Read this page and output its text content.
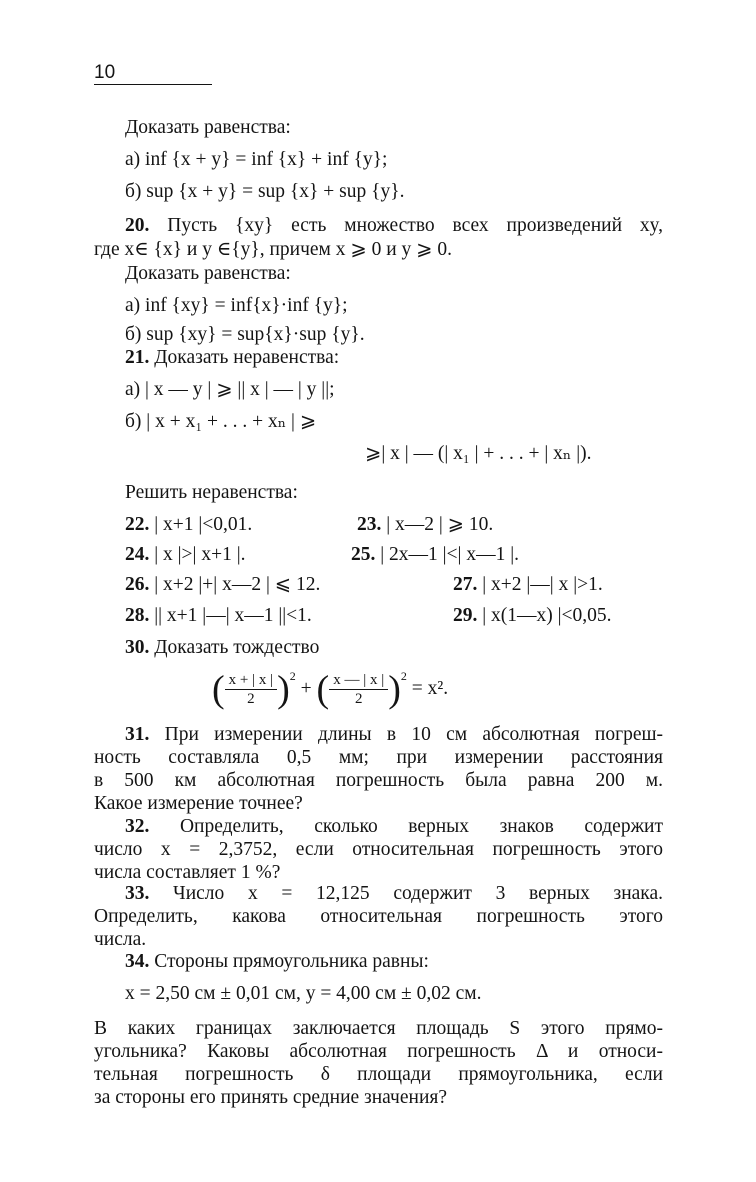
10
Доказать равенства:
а) inf {x + y} = inf {x} + inf {y};
б) sup {x + y} = sup {x} + sup {y}.
20. Пусть {xy} есть множество всех произведений xy,
где x∈ {x} и y ∈{y}, причем x ⩾ 0 и y ⩾ 0.
Доказать равенства:
а) inf {xy} = inf{x}·inf {y};
б) sup {xy} = sup{x}·sup {y}.
21. Доказать неравенства:
а) | x — y | ⩾ || x | — | y ||;
б) | x + x₁ + . . . + xₙ | ⩾
⩾| x | — (| x₁ | + . . . + | xₙ |).
Решить неравенства:
22. | x+1 |<0,01.	23. | x—2 | ⩾ 10.
24. | x |>| x+1 |.	25. | 2x—1 |<| x—1 |.
26. | x+2 |+| x—2 | ⩽ 12.	27. | x+2 |—| x |>1.
28. || x+1 |—| x—1 ||<1.	29. | x(1—x) |<0,05.
30. Доказать тождество
( $\frac{x + | x |}{2} )^2$ + ( $\frac{x — | x |}{2} )^2 = x^2$.
31. При измерении длины в 10 см абсолютная погреш-
ность составляла 0,5 мм; при измерении расстояния
в 500 км абсолютная погрешность была равна 200 м.
Какое измерение точнее?
32. Определить, сколько верных знаков содержит
число x = 2,3752, если относительная погрешность этого
числа составляет 1 %?
33. Число x = 12,125 содержит 3 верных знака.
Определить, какова относительная погрешность этого
числа.
34. Стороны прямоугольника равны:
x = 2,50 см ± 0,01 см, y = 4,00 см ± 0,02 см.
В каких границах заключается площадь S этого прямо-
угольника? Каковы абсолютная погрешность Δ и относи-
тельная погрешность δ площади прямоугольника, если
за стороны его принять средние значения?
